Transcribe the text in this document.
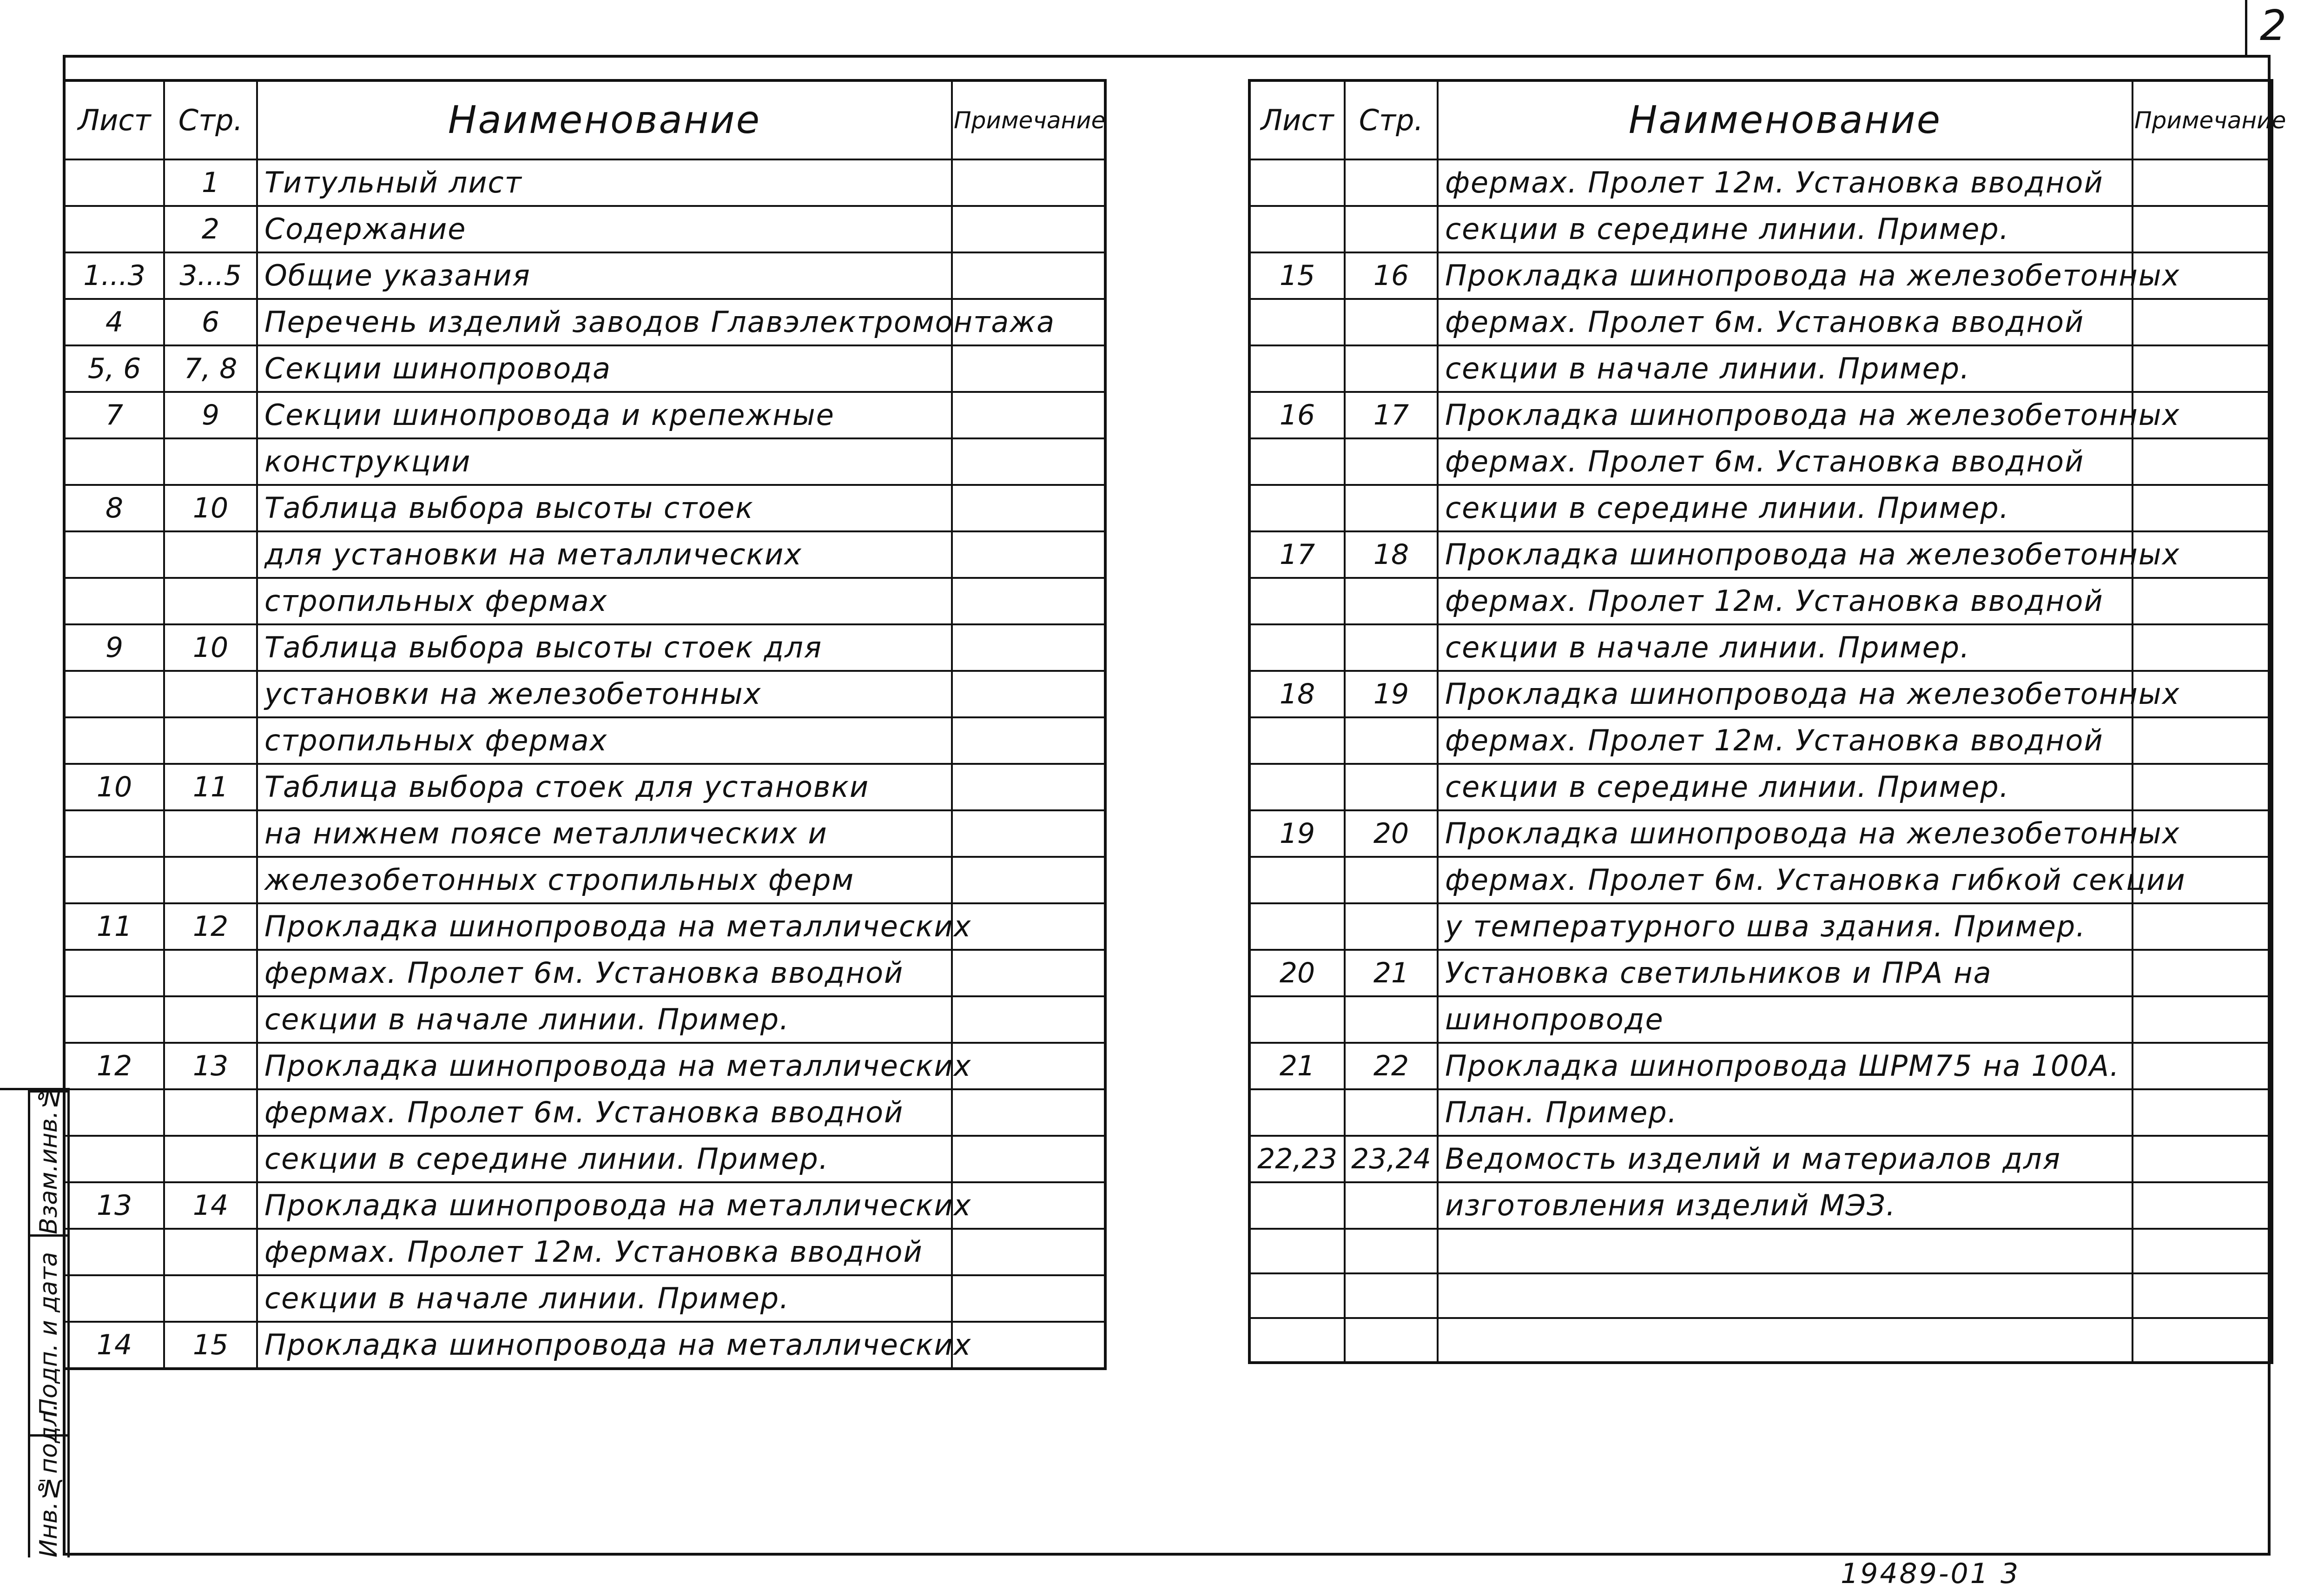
2
Лист	Стр.	Наименование	Примечание
	1	Титульный лист	
	2	Содержание	
1...3	3...5	Общие указания	
4	6	Перечень изделий заводов Главэлектромонтажа	
5, 6	7, 8	Секции шинопровода	
7	9	Секции шинопровода и крепежные	
		конструкции	
8	10	Таблица выбора высоты стоек	
		для установки на металлических	
		стропильных фермах	
9	10	Таблица выбора высоты стоек для	
		установки на железобетонных	
		стропильных фермах	
10	11	Таблица выбора стоек для установки	
		на нижнем поясе металлических и	
		железобетонных стропильных ферм	
11	12	Прокладка шинопровода на металлических	
		фермах. Пролет 6м. Установка вводной	
		секции в начале линии. Пример.	
12	13	Прокладка шинопровода на металлических	
		фермах. Пролет 6м. Установка вводной	
		секции в середине линии. Пример.	
13	14	Прокладка шинопровода на металлических	
		фермах. Пролет 12м. Установка вводной	
		секции в начале линии. Пример.	
14	15	Прокладка шинопровода на металлических	
Лист	Стр.	Наименование	Примечание
		фермах. Пролет 12м. Установка вводной	
		секции в середине линии. Пример.	
15	16	Прокладка шинопровода на железобетонных	
		фермах. Пролет 6м. Установка вводной	
		секции в начале линии. Пример.	
16	17	Прокладка шинопровода на железобетонных	
		фермах. Пролет 6м. Установка вводной	
		секции в середине линии. Пример.	
17	18	Прокладка шинопровода на железобетонных	
		фермах. Пролет 12м. Установка вводной	
		секции в начале линии. Пример.	
18	19	Прокладка шинопровода на железобетонных	
		фермах. Пролет 12м. Установка вводной	
		секции в середине линии. Пример.	
19	20	Прокладка шинопровода на железобетонных	
		фермах. Пролет 6м. Установка гибкой секции	
		у температурного шва здания. Пример.	
20	21	Установка светильников и ПРА на	
		шинопроводе	
21	22	Прокладка шинопровода ШРМ75 на 100А.	
		План. Пример.	
22,23	23,24	Ведомость изделий и материалов для	
		изготовления изделий МЭЗ.	

Взам.инв.№
Подп. и дата
Инв.№подл.
19489-01 3
